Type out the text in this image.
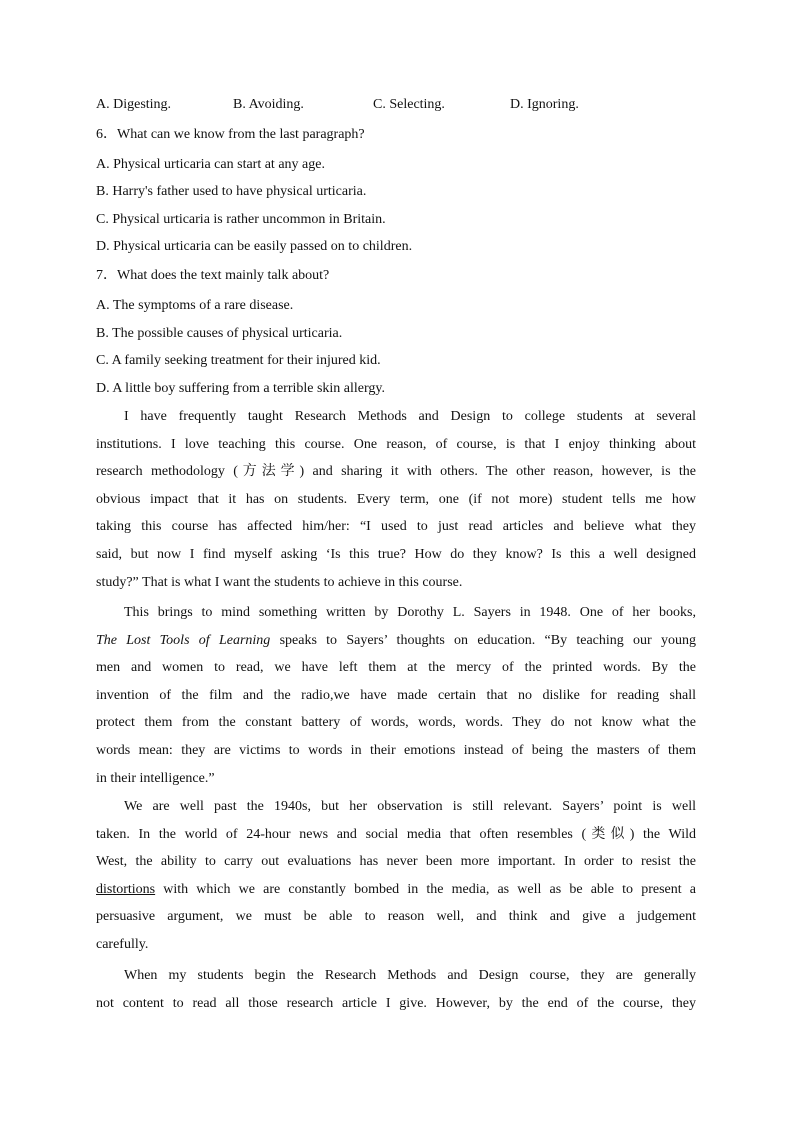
A. Digesting.	B. Avoiding.	C. Selecting.	D. Ignoring.
6．What can we know from the last paragraph?
A. Physical urticaria can start at any age.
B. Harry's father used to have physical urticaria.
C. Physical urticaria is rather uncommon in Britain.
D. Physical urticaria can be easily passed on to children.
7．What does the text mainly talk about?
A. The symptoms of a rare disease.
B. The possible causes of physical urticaria.
C. A family seeking treatment for their injured kid.
D. A little boy suffering from a terrible skin allergy.
I have frequently taught Research Methods and Design to college students at several
institutions. I love teaching this course. One reason, of course, is that I enjoy thinking about
research methodology (方法学) and sharing it with others. The other reason, however, is the
obvious impact that it has on students. Every term, one (if not more) student tells me how
taking this course has affected him/her: “I used to just read articles and believe what they
said, but now I find myself asking ‘Is this true? How do they know? Is this a well designed
study?” That is what I want the students to achieve in this course.
This brings to mind something written by Dorothy L. Sayers in 1948. One of her books,
The Lost Tools of Learning speaks to Sayers’ thoughts on education. “By teaching our young
men and women to read, we have left them at the mercy of the printed words. By the
invention of the film and the radio,we have made certain that no dislike for reading shall
protect them from the constant battery of words, words, words. They do not know what the
words mean: they are victims to words in their emotions instead of being the masters of them
in their intelligence.”
We are well past the 1940s, but her observation is still relevant. Sayers’ point is well
taken. In the world of 24-hour news and social media that often resembles (类似) the Wild
West, the ability to carry out evaluations has never been more important. In order to resist the
distortions with which we are constantly bombed in the media, as well as be able to present a
persuasive argument, we must be able to reason well, and think and give a judgement
carefully.
When my students begin the Research Methods and Design course, they are generally
not content to read all those research article I give. However, by the end of the course, they
